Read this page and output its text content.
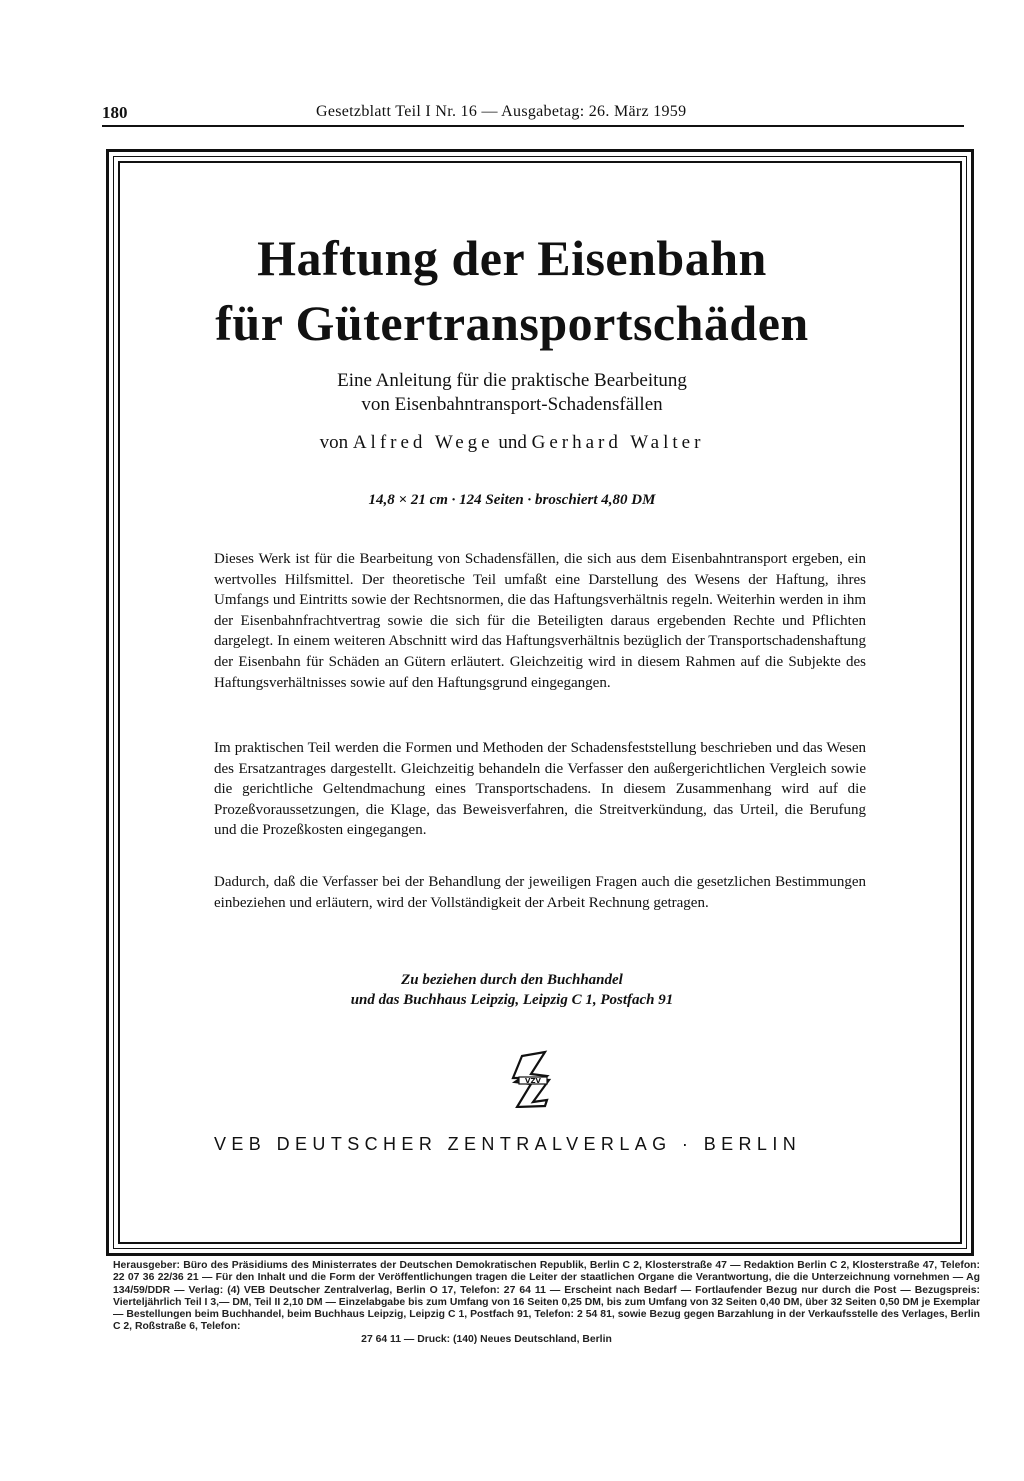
180	Gesetzblatt Teil I Nr. 16 — Ausgabetag: 26. März 1959
Haftung der Eisenbahn
für Gütertransportschäden
Eine Anleitung für die praktische Bearbeitung
von Eisenbahntransport-Schadensfällen
von Alfred Wege und Gerhard Walter
14,8 × 21 cm · 124 Seiten · broschiert 4,80 DM

Dieses Werk ist für die Bearbeitung von Schadensfällen, die sich aus dem Eisenbahntransport ergeben, ein wertvolles Hilfsmittel. Der theoretische Teil umfaßt eine Darstellung des Wesens der Haftung, ihres Umfangs und Eintritts sowie der Rechtsnormen, die das Haftungsverhältnis regeln. Weiterhin werden in ihm der Eisenbahnfrachtvertrag sowie die sich für die Beteiligten daraus ergebenden Rechte und Pflichten dargelegt. In einem weiteren Abschnitt wird das Haftungsverhältnis bezüglich der Transportschadenshaftung der Eisenbahn für Schäden an Gütern erläutert. Gleichzeitig wird in diesem Rahmen auf die Subjekte des Haftungsverhältnisses sowie auf den Haftungsgrund eingegangen.

Im praktischen Teil werden die Formen und Methoden der Schadensfeststellung beschrieben und das Wesen des Ersatzantrages dargestellt. Gleichzeitig behandeln die Verfasser den außergerichtlichen Vergleich sowie die gerichtliche Geltendmachung eines Transportschadens. In diesem Zusammenhang wird auf die Prozeßvoraussetzungen, die Klage, das Beweisverfahren, die Streitverkündung, das Urteil, die Berufung und die Prozeßkosten eingegangen.

Dadurch, daß die Verfasser bei der Behandlung der jeweiligen Fragen auch die gesetzlichen Bestimmungen einbeziehen und erläutern, wird der Vollständigkeit der Arbeit Rechnung getragen.

Zu beziehen durch den Buchhandel
und das Buchhaus Leipzig, Leipzig C 1, Postfach 91
VZV
VEB DEUTSCHER ZENTRALVERLAG · BERLIN
Herausgeber: Büro des Präsidiums des Ministerrates der Deutschen Demokratischen Republik, Berlin C 2, Klosterstraße 47 — Redaktion Berlin C 2, Klosterstraße 47, Telefon: 22 07 36 22/36 21 — Für den Inhalt und die Form der Veröffentlichungen tragen die Leiter der staatlichen Organe die Verantwortung, die die Unterzeichnung vornehmen — Ag 134/59/DDR — Verlag: (4) VEB Deutscher Zentralverlag, Berlin O 17, Telefon: 27 64 11 — Erscheint nach Bedarf — Fortlaufender Bezug nur durch die Post — Bezugspreis: Vierteljährlich Teil I 3,— DM, Teil II 2,10 DM — Einzelabgabe bis zum Umfang von 16 Seiten 0,25 DM, bis zum Umfang von 32 Seiten 0,40 DM, über 32 Seiten 0,50 DM je Exemplar — Bestellungen beim Buchhandel, beim Buchhaus Leipzig, Leipzig C 1, Postfach 91, Telefon: 2 54 81, sowie Bezug gegen Barzahlung in der Verkaufsstelle des Verlages, Berlin C 2, Roßstraße 6, Telefon:
27 64 11 — Druck: (140) Neues Deutschland, Berlin
